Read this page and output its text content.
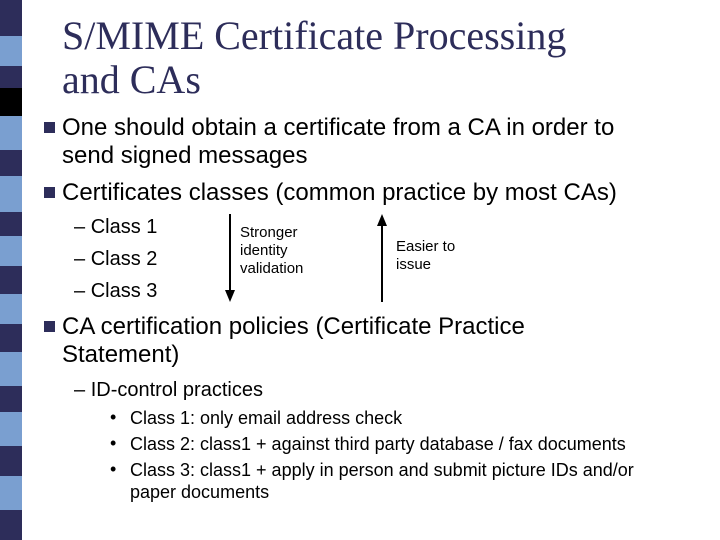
S/MIME Certificate Processing
and CAs
One should obtain a certificate from a CA in order to
send signed messages
Certificates classes (common practice by most CAs)
– Class 1
– Class 2
– Class 3
Stronger
identity
validation
Easier to
issue
CA certification policies (Certificate Practice
Statement)
– ID-control practices
• Class 1: only email address check
• Class 2: class1 + against third party database / fax documents
• Class 3: class1 + apply in person and submit picture IDs and/or
paper documents
